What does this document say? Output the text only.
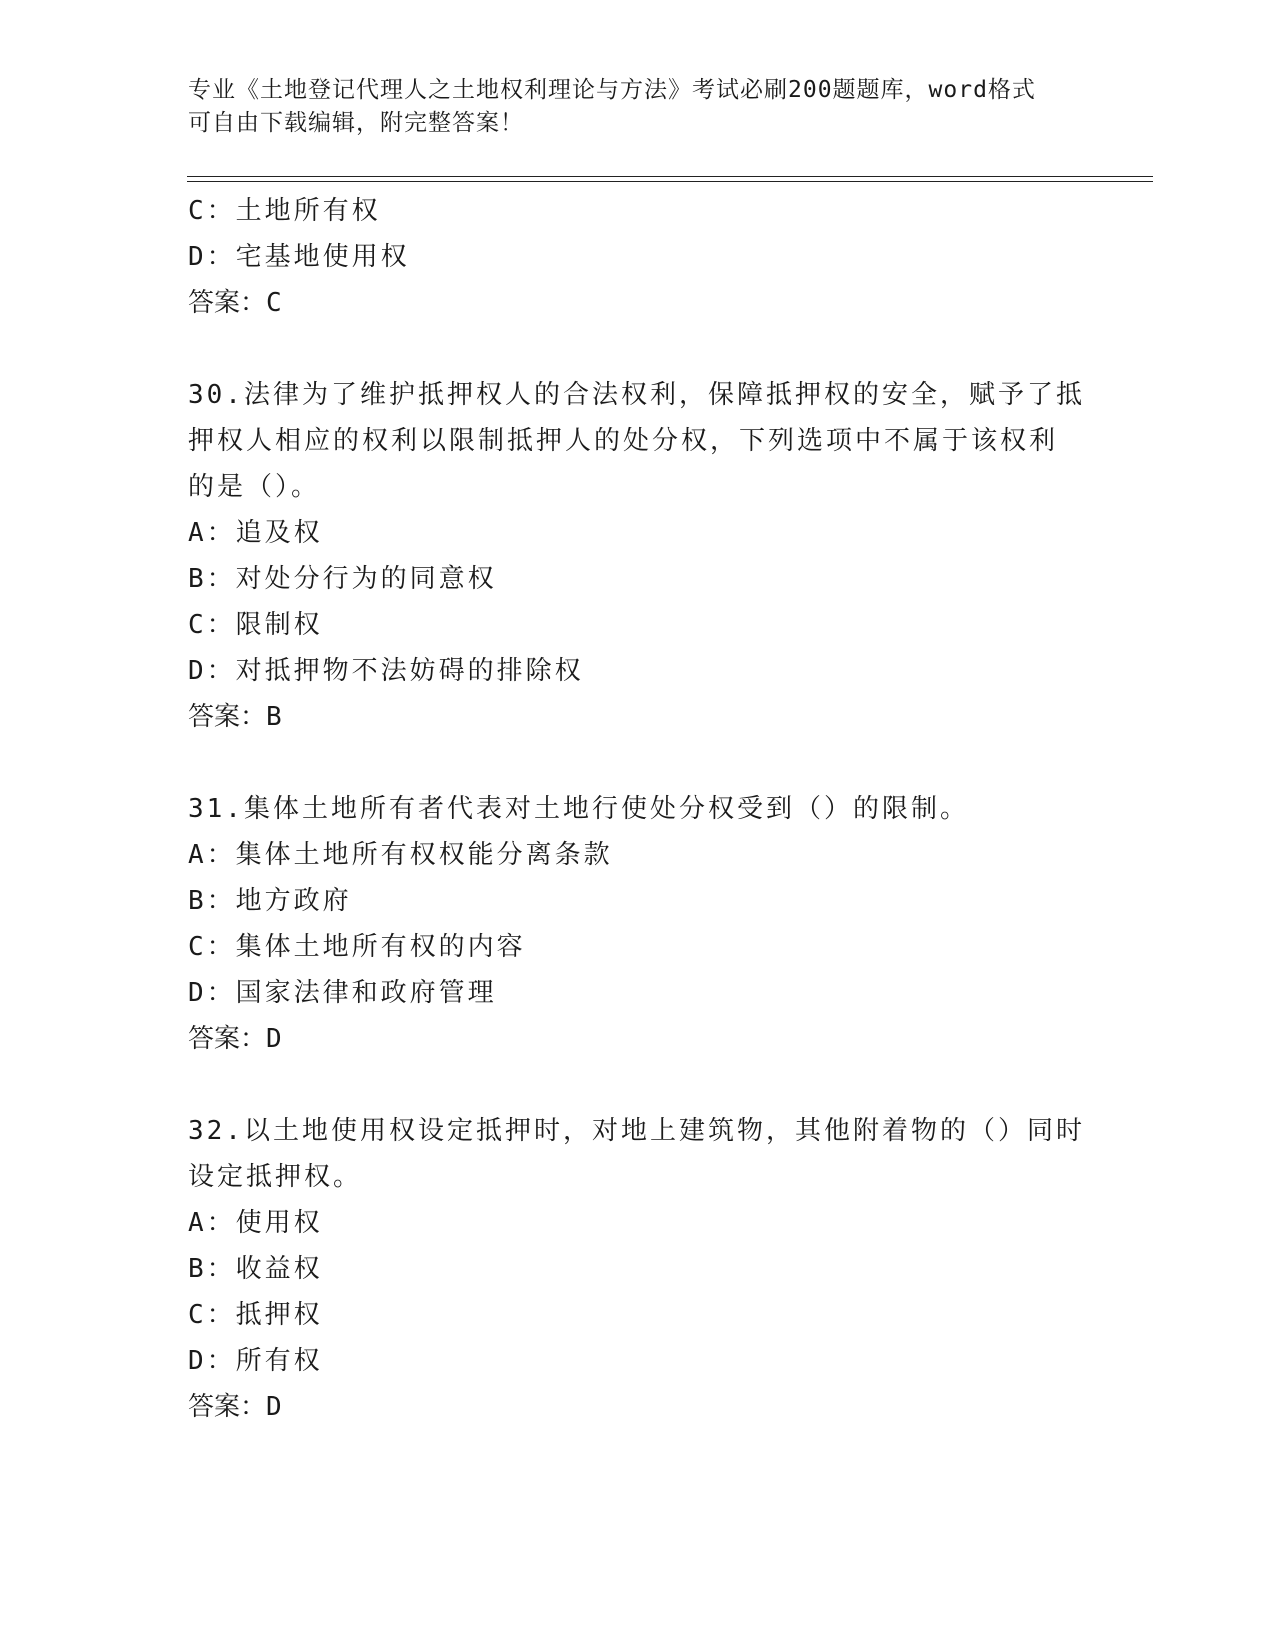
专业《土地登记代理人之土地权利理论与方法》考试必刷200题题库，word格式
可自由下载编辑，附完整答案！
C：土地所有权
D：宅基地使用权
答案：C
30.法律为了维护抵押权人的合法权利，保障抵押权的安全，赋予了抵
押权人相应的权利以限制抵押人的处分权，下列选项中不属于该权利
的是（）。
A：追及权
B：对处分行为的同意权
C：限制权
D：对抵押物不法妨碍的排除权
答案：B
31.集体土地所有者代表对土地行使处分权受到（）的限制。
A：集体土地所有权权能分离条款
B：地方政府
C：集体土地所有权的内容
D：国家法律和政府管理
答案：D
32.以土地使用权设定抵押时，对地上建筑物，其他附着物的（）同时
设定抵押权。
A：使用权
B：收益权
C：抵押权
D：所有权
答案：D
